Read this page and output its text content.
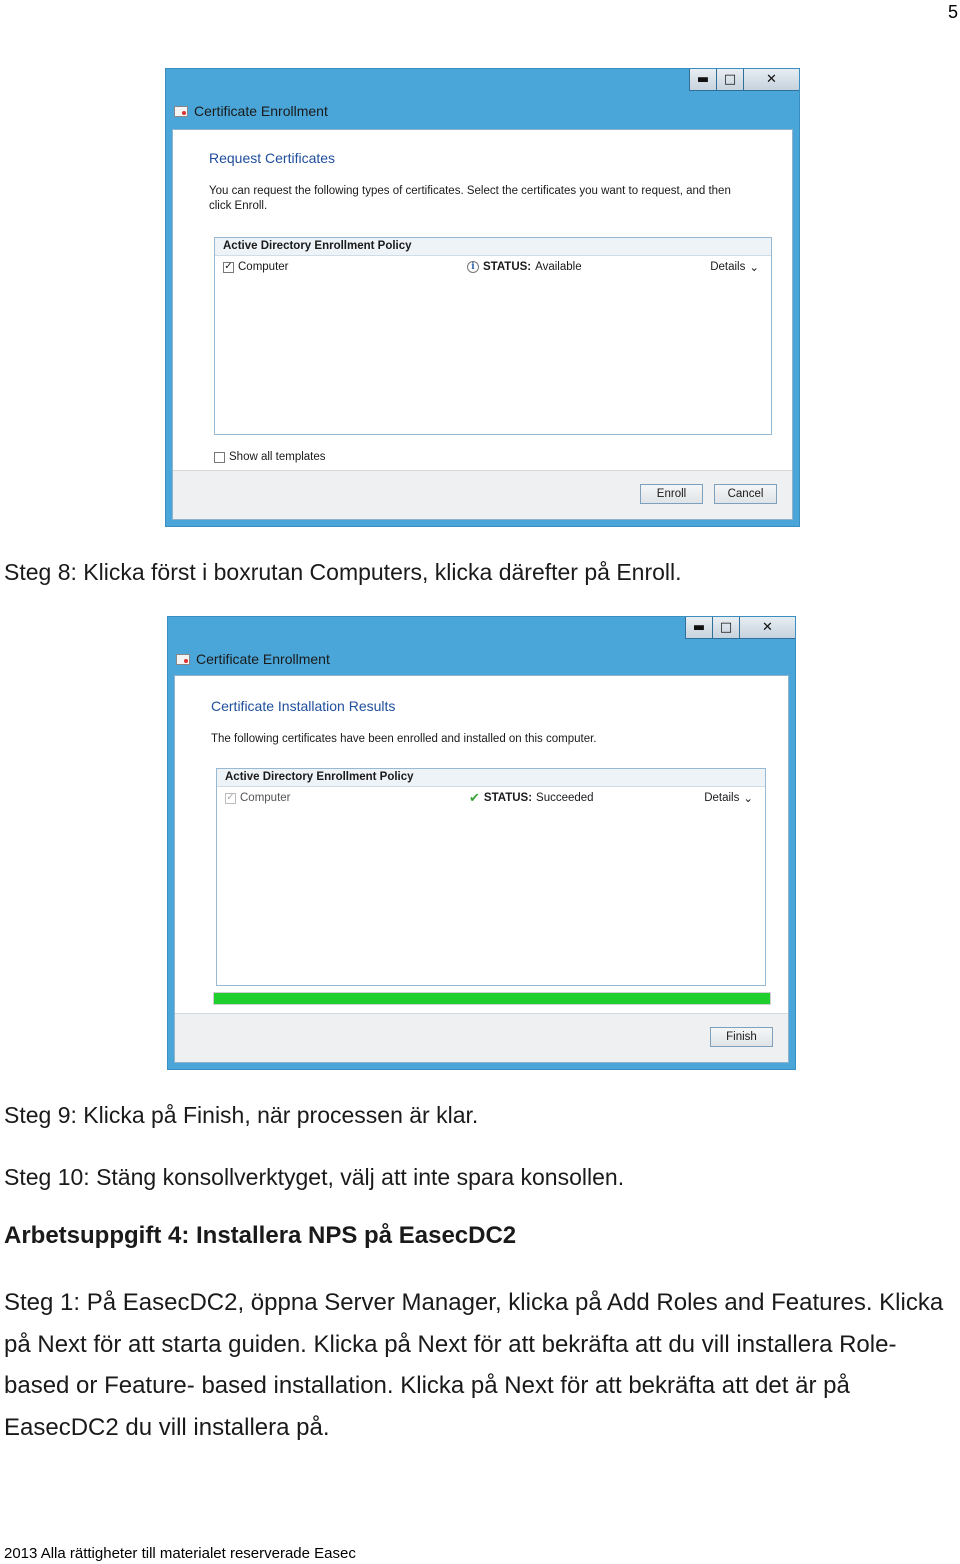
5
▬	□	✕
Certificate Enrollment
Request Certificates
You can request the following types of certificates. Select the certificates you want to request, and then click Enroll.
Active Directory Enrollment Policy
✓ Computer	i STATUS: Available	Details ⌄
Show all templates
Enroll	Cancel

Steg 8: Klicka först i boxrutan Computers, klicka därefter på Enroll.

▬	□	✕
Certificate Enrollment
Certificate Installation Results
The following certificates have been enrolled and installed on this computer.
Active Directory Enrollment Policy
✓ Computer	✔ STATUS: Succeeded	Details ⌄
Finish

Steg 9: Klicka på Finish, när processen är klar.

Steg 10: Stäng konsollverktyget, välj att inte spara konsollen.

Arbetsuppgift 4: Installera NPS på EasecDC2

Steg 1: På EasecDC2, öppna Server Manager, klicka på Add Roles and Features. Klicka på Next för att starta guiden. Klicka på Next för att bekräfta att du vill installera Role-based or Feature- based installation. Klicka på Next för att bekräfta att det är på EasecDC2 du vill installera på.

2013 Alla rättigheter till materialet reserverade Easec
